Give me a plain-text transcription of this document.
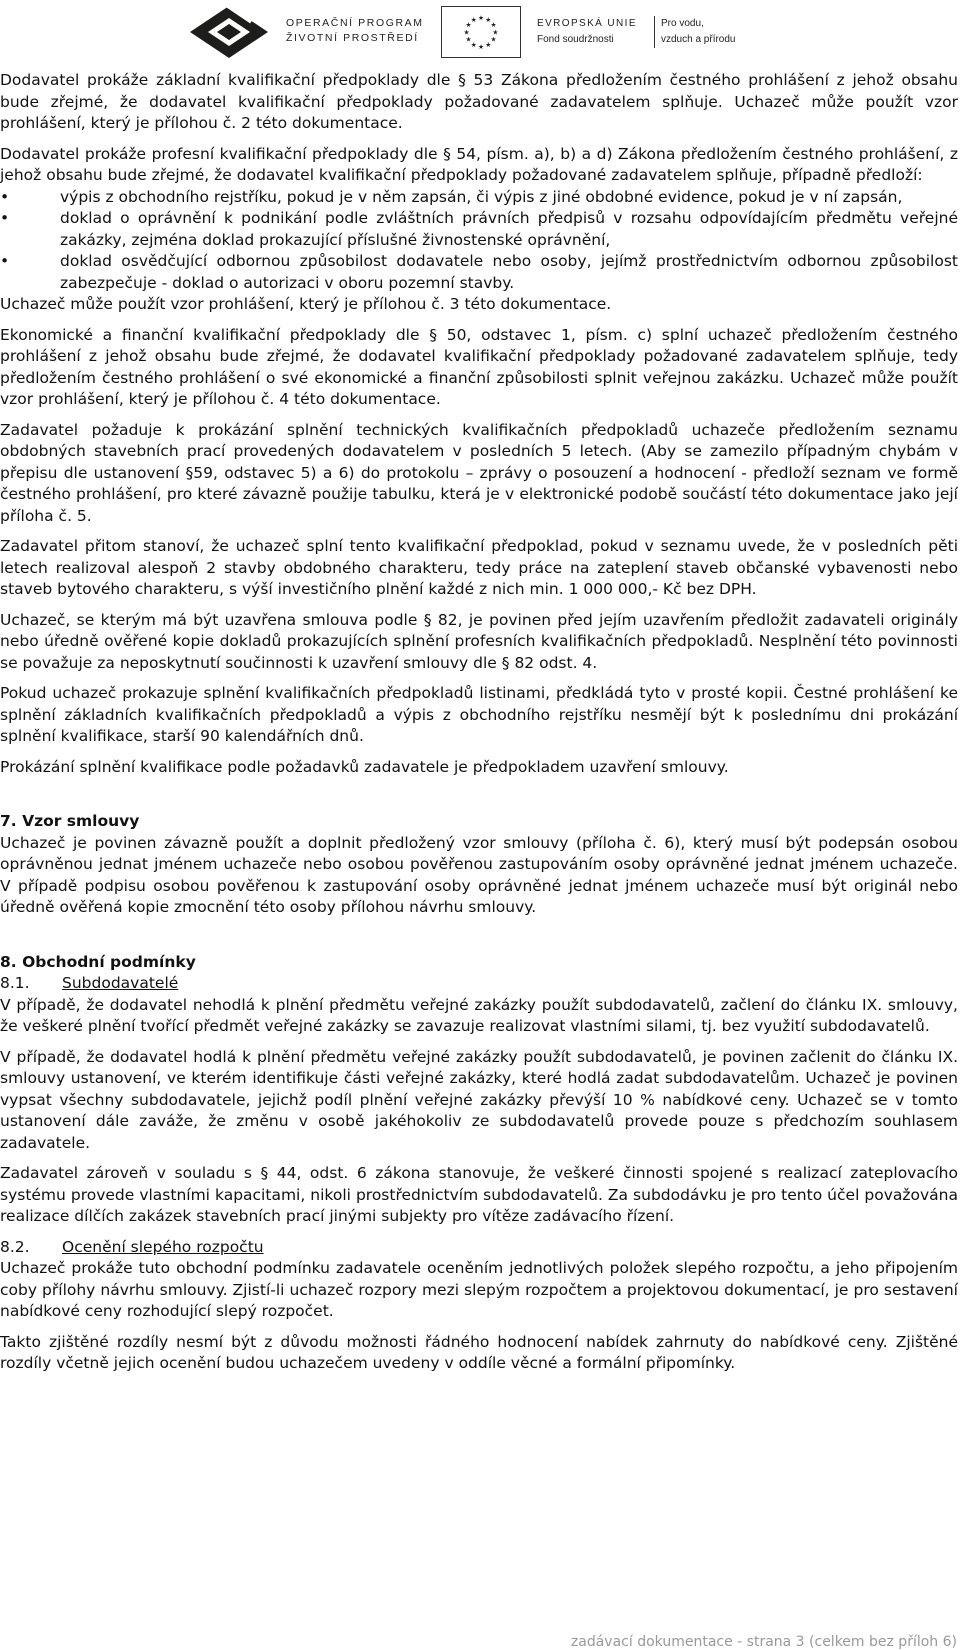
OPERAČNÍ PROGRAM
ŽIVOTNÍ PROSTŘEDÍ
★ ★
★
★
★
★
★
★
★
★
★
★	EVROPSKÁ UNIE
Fond soudržnosti
Pro vodu,
vzduch a přírodu

Dodavatel prokáže základní kvalifikační předpoklady dle § 53 Zákona předložením čestného prohlášení z jehož obsahu bude zřejmé, že dodavatel kvalifikační předpoklady požadované zadavatelem splňuje. Uchazeč může použít vzor prohlášení, který je přílohou č. 2 této dokumentace.

Dodavatel prokáže profesní kvalifikační předpoklady dle § 54, písm. a), b) a d) Zákona předložením čestného prohlášení, z jehož obsahu bude zřejmé, že dodavatel kvalifikační předpoklady požadované zadavatelem splňuje, případně předloží:

•	výpis z obchodního rejstříku, pokud je v něm zapsán, či výpis z jiné obdobné evidence, pokud je v ní zapsán,
•	doklad o oprávnění k podnikání podle zvláštních právních předpisů v rozsahu odpovídajícím předmětu veřejné zakázky, zejména doklad prokazující příslušné živnostenské oprávnění,
•	doklad osvědčující odbornou způsobilost dodavatele nebo osoby, jejímž prostřednictvím odbornou způsobilost zabezpečuje - doklad o autorizaci v oboru pozemní stavby.

Uchazeč může použít vzor prohlášení, který je přílohou č. 3 této dokumentace.

Ekonomické a finanční kvalifikační předpoklady dle § 50, odstavec 1, písm. c) splní uchazeč předložením čestného prohlášení z jehož obsahu bude zřejmé, že dodavatel kvalifikační předpoklady požadované zadavatelem splňuje, tedy předložením čestného prohlášení o své ekonomické a finanční způsobilosti splnit veřejnou zakázku. Uchazeč může použít vzor prohlášení, který je přílohou č. 4 této dokumentace.

Zadavatel požaduje k prokázání splnění technických kvalifikačních předpokladů uchazeče předložením seznamu obdobných stavebních prací provedených dodavatelem v posledních 5 letech. (Aby se zamezilo případným chybám v přepisu dle ustanovení §59, odstavec 5) a 6) do protokolu – zprávy o posouzení a hodnocení - předloží seznam ve formě čestného prohlášení, pro které závazně použije tabulku, která je v elektronické podobě součástí této dokumentace jako její příloha č. 5.

Zadavatel přitom stanoví, že uchazeč splní tento kvalifikační předpoklad, pokud v seznamu uvede, že v posledních pěti letech realizoval alespoň 2 stavby obdobného charakteru, tedy práce na zateplení staveb občanské vybavenosti nebo staveb bytového charakteru, s výší investičního plnění každé z nich min. 1 000 000,- Kč bez DPH.

Uchazeč, se kterým má být uzavřena smlouva podle § 82, je povinen před jejím uzavřením předložit zadavateli originály nebo úředně ověřené kopie dokladů prokazujících splnění profesních kvalifikačních předpokladů. Nesplnění této povinnosti se považuje za neposkytnutí součinnosti k uzavření smlouvy dle § 82 odst. 4.

Pokud uchazeč prokazuje splnění kvalifikačních předpokladů listinami, předkládá tyto v prosté kopii. Čestné prohlášení ke splnění základních kvalifikačních předpokladů a výpis z obchodního rejstříku nesmějí být k poslednímu dni prokázání splnění kvalifikace, starší 90 kalendářních dnů.

Prokázání splnění kvalifikace podle požadavků zadavatele je předpokladem uzavření smlouvy.

7. Vzor smlouvy

Uchazeč je povinen závazně použít a doplnit předložený vzor smlouvy (příloha č. 6), který musí být podepsán osobou oprávněnou jednat jménem uchazeče nebo osobou pověřenou zastupováním osoby oprávněné jednat jménem uchazeče. V případě podpisu osobou pověřenou k zastupování osoby oprávněné jednat jménem uchazeče musí být originál nebo úředně ověřená kopie zmocnění této osoby přílohou návrhu smlouvy.

8. Obchodní podmínky
8.1. Subdodavatelé

V případě, že dodavatel nehodlá k plnění předmětu veřejné zakázky použít subdodavatelů, začlení do článku IX. smlouvy, že veškeré plnění tvořící předmět veřejné zakázky se zavazuje realizovat vlastními silami, tj. bez využití subdodavatelů.

V případě, že dodavatel hodlá k plnění předmětu veřejné zakázky použít subdodavatelů, je povinen začlenit do článku IX. smlouvy ustanovení, ve kterém identifikuje části veřejné zakázky, které hodlá zadat subdodavatelům. Uchazeč je povinen vypsat všechny subdodavatele, jejichž podíl plnění veřejné zakázky převýší 10 % nabídkové ceny. Uchazeč se v tomto ustanovení dále zaváže, že změnu v osobě jakéhokoliv ze subdodavatelů provede pouze s předchozím souhlasem zadavatele.

Zadavatel zároveň v souladu s § 44, odst. 6 zákona stanovuje, že veškeré činnosti spojené s realizací zateplovacího systému provede vlastními kapacitami, nikoli prostřednictvím subdodavatelů. Za subdodávku je pro tento účel považována realizace dílčích zakázek stavebních prací jinými subjekty pro vítěze zadávacího řízení.

8.2. Ocenění slepého rozpočtu

Uchazeč prokáže tuto obchodní podmínku zadavatele oceněním jednotlivých položek slepého rozpočtu, a jeho připojením coby přílohy návrhu smlouvy. Zjistí-li uchazeč rozpory mezi slepým rozpočtem a projektovou dokumentací, je pro sestavení nabídkové ceny rozhodující slepý rozpočet.

Takto zjištěné rozdíly nesmí být z důvodu možnosti řádného hodnocení nabídek zahrnuty do nabídkové ceny. Zjištěné rozdíly včetně jejich ocenění budou uchazečem uvedeny v oddíle věcné a formální připomínky.

zadávací dokumentace - strana 3 (celkem bez příloh 6)
